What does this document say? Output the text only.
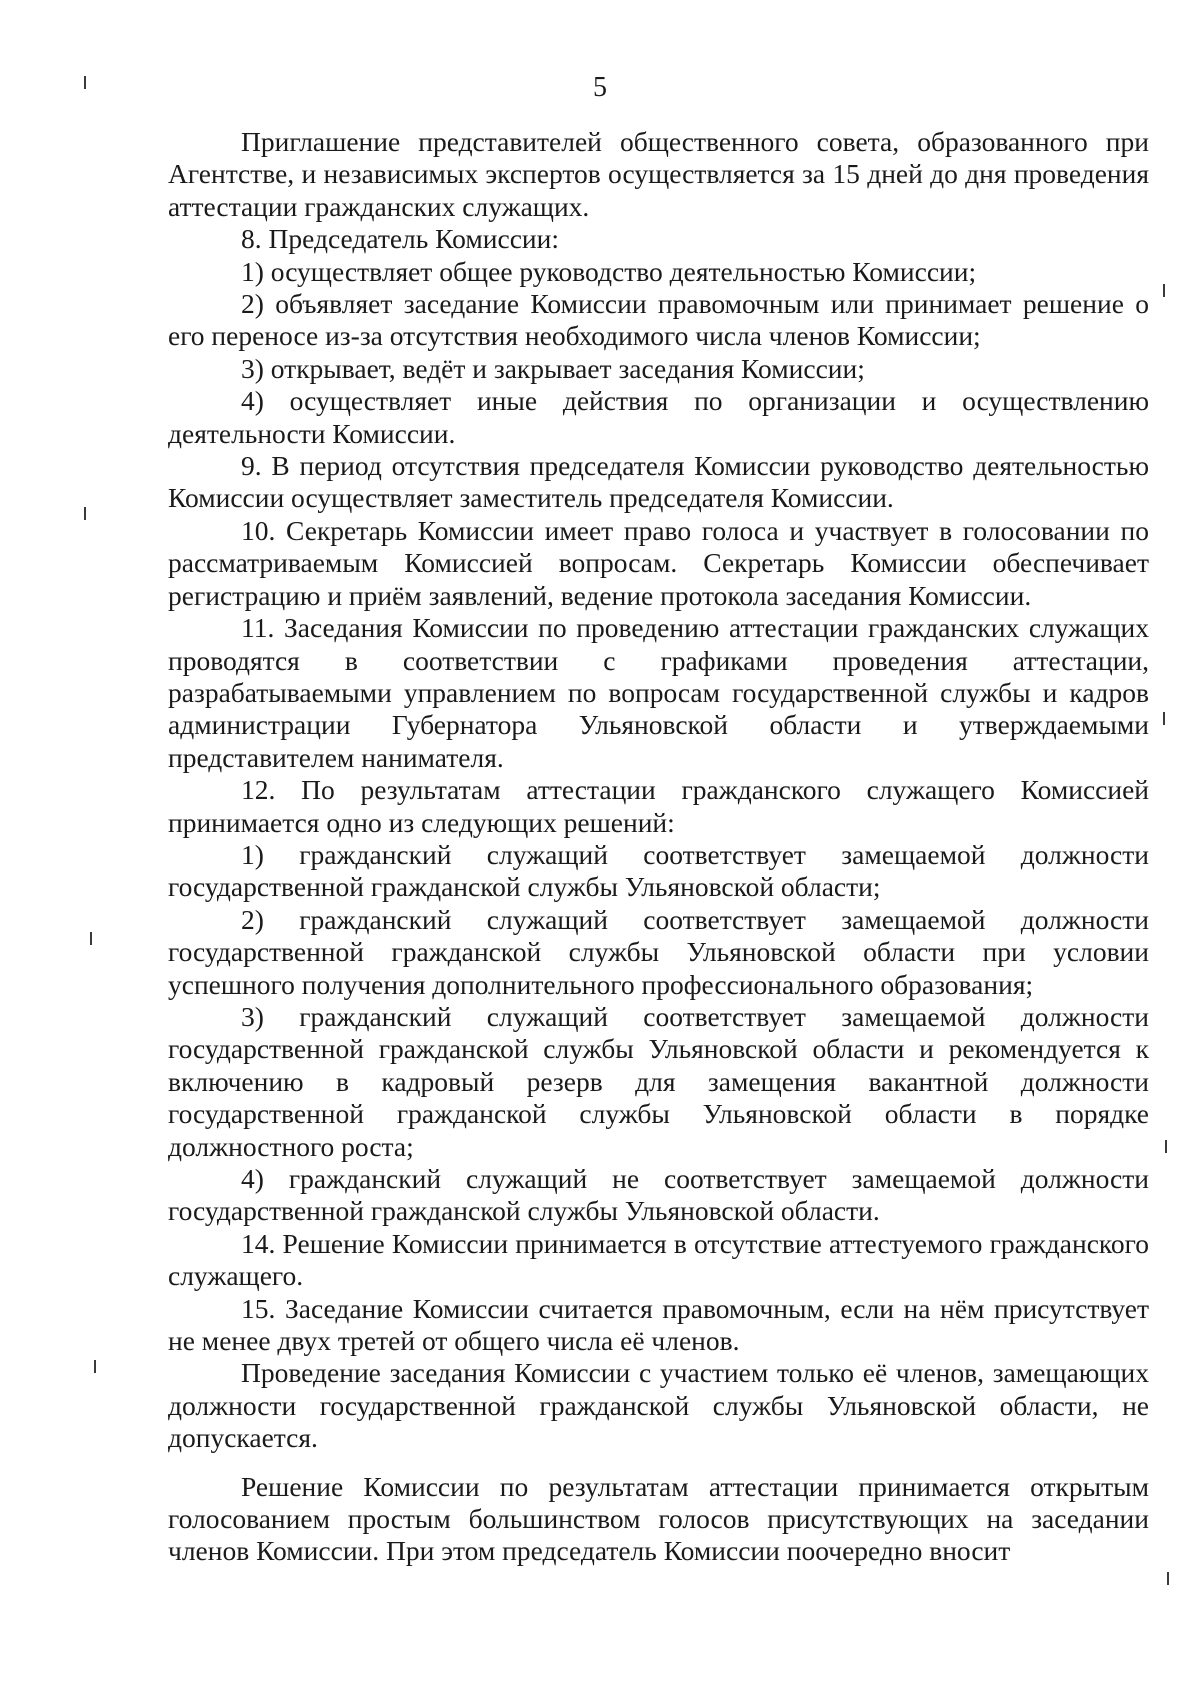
5

Приглашение представителей общественного совета, образованного при Агентстве, и независимых экспертов осуществляется за 15 дней до дня проведения аттестации гражданских служащих.

8. Председатель Комиссии:

1) осуществляет общее руководство деятельностью Комиссии;

2) объявляет заседание Комиссии правомочным или принимает решение о его переносе из-за отсутствия необходимого числа членов Комиссии;

3) открывает, ведёт и закрывает заседания Комиссии;

4) осуществляет иные действия по организации и осуществлению деятельности Комиссии.

9. В период отсутствия председателя Комиссии руководство деятельностью Комиссии осуществляет заместитель председателя Комиссии.

10. Секретарь Комиссии имеет право голоса и участвует в голосовании по рассматриваемым Комиссией вопросам. Секретарь Комиссии обеспечивает регистрацию и приём заявлений, ведение протокола заседания Комиссии.

11. Заседания Комиссии по проведению аттестации гражданских служащих проводятся в соответствии с графиками проведения аттестации, разрабатываемыми управлением по вопросам государственной службы и кадров администрации Губернатора Ульяновской области и утверждаемыми представителем нанимателя.

12. По результатам аттестации гражданского служащего Комиссией принимается одно из следующих решений:

1) гражданский служащий соответствует замещаемой должности государственной гражданской службы Ульяновской области;

2) гражданский служащий соответствует замещаемой должности государственной гражданской службы Ульяновской области при условии успешного получения дополнительного профессионального образования;

3) гражданский служащий соответствует замещаемой должности государственной гражданской службы Ульяновской области и рекомендуется к включению в кадровый резерв для замещения вакантной должности государственной гражданской службы Ульяновской области в порядке должностного роста;

4) гражданский служащий не соответствует замещаемой должности государственной гражданской службы Ульяновской области.

14. Решение Комиссии принимается в отсутствие аттестуемого гражданского служащего.

15. Заседание Комиссии считается правомочным, если на нём присутствует не менее двух третей от общего числа её членов.

Проведение заседания Комиссии с участием только её членов, замещающих должности государственной гражданской службы Ульяновской области, не допускается.

Решение Комиссии по результатам аттестации принимается открытым голосованием простым большинством голосов присутствующих на заседании членов Комиссии. При этом председатель Комиссии поочередно вносит
